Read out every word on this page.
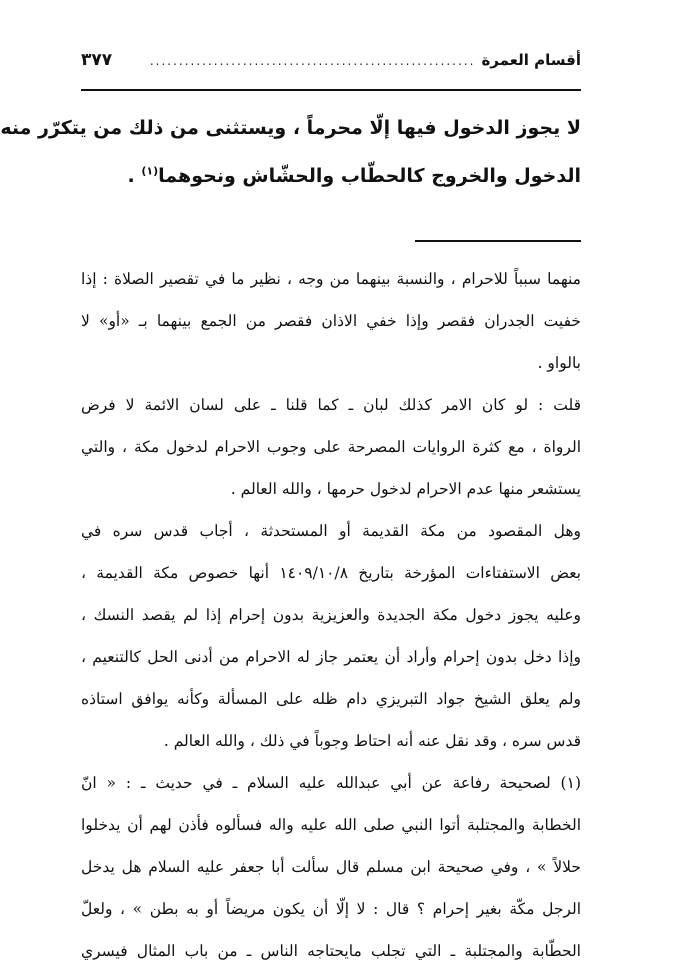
أقسام العمرة
........................................................
٣٧٧
لا يجوز الدخول فيها إلّا محرماً ، ويستثنى من ذلك من يتكرّر منه
الدخول والخروج كالحطّاب والحشّاش ونحوهما$^{(١)}$ .
منهما سبباً للاحرام ، والنسبة بينهما من وجه ، نظير ما في تقصير الصلاة : إذا
خفيت الجدران فقصر وإذا خفي الاذان فقصر من الجمع بينهما بـ «أو» لا
بالواو .
قلت : لو كان الامر كذلك لبان ـ كما قلنا ـ على لسان الائمة لا فرض
الرواة ، مع كثرة الروايات المصرحة على وجوب الاحرام لدخول مكة ، والتي
يستشعر منها عدم الاحرام لدخول حرمها ، والله العالم .
وهل المقصود من مكة القديمة أو المستحدثة ، أجاب قدس سره في
بعض الاستفتاءات المؤرخة بتاريخ ١٤٠٩/١٠/٨ أنها خصوص مكة القديمة ،
وعليه يجوز دخول مكة الجديدة والعزيزية بدون إحرام إذا لم يقصد النسك ،
وإذا دخل بدون إحرام وأراد أن يعتمر جاز له الاحرام من أدنى الحل كالتنعيم ،
ولم يعلق الشيخ جواد التبريزي دام ظله على المسألة وكأنه يوافق استاذه
قدس سره ، وقد نقل عنه أنه احتاط وجوباً في ذلك ، والله العالم .
(١) لصحيحة رفاعة عن أبي عبدالله عليه السلام ـ في حديث ـ : « انّ
الخطابة والمجتلبة أتوا النبي صلى الله عليه واله فسألوه فأذن لهم أن يدخلوا
حلالاً » ، وفي صحيحة ابن مسلم قال سألت أبا جعفر عليه السلام هل يدخل
الرجل مكّة بغير إحرام ؟ قال : لا إلّا أن يكون مريضاً أو به بطن » ، ولعلّ
الحطّابة والمجتلبة ـ التي تجلب مايحتاجه الناس ـ من باب المثال فيسري
